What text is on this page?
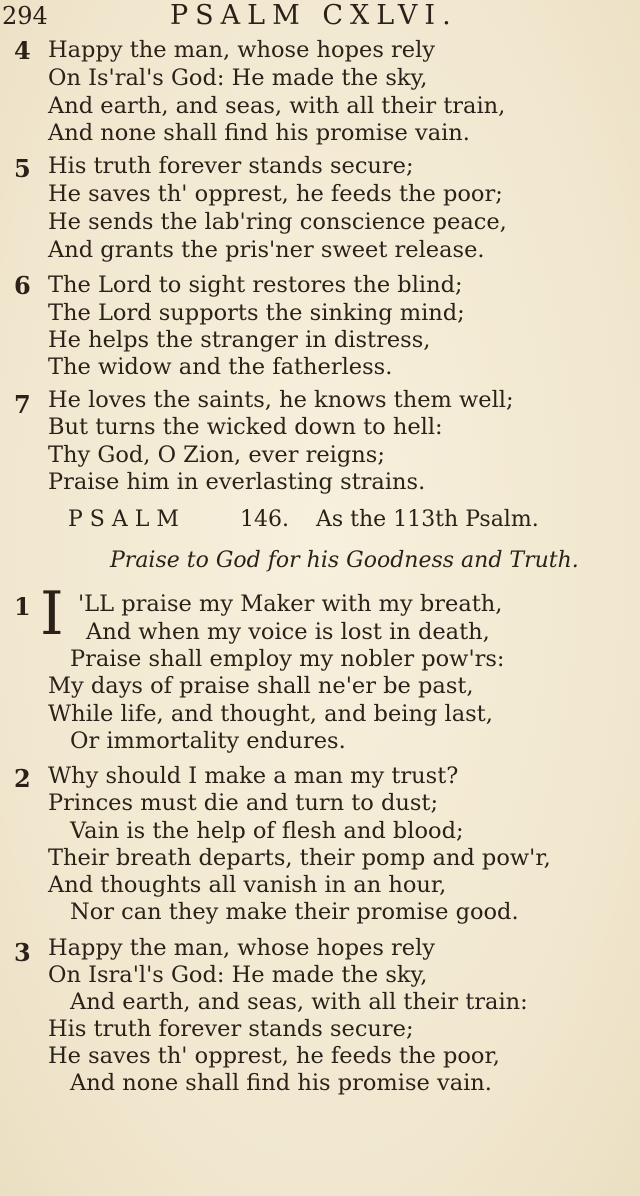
294	PSALM CXLVI.
4 Happy the man, whose hopes rely
On Is'ral's God: He made the sky,
And earth, and seas, with all their train,
And none shall find his promise vain.
5 His truth forever stands secure;
He saves th' opprest, he feeds the poor;
He sends the lab'ring conscience peace,
And grants the pris'ner sweet release.
6 The Lord to sight restores the blind;
The Lord supports the sinking mind;
He helps the stranger in distress,
The widow and the fatherless.
7 He loves the saints, he knows them well;
But turns the wicked down to hell:
Thy God, O Zion, ever reigns;
Praise him in everlasting strains.
PSALM 146. As the 113th Psalm.
Praise to God for his Goodness and Truth.
1 I 'LL praise my Maker with my breath,
And when my voice is lost in death,
Praise shall employ my nobler pow'rs:
My days of praise shall ne'er be past,
While life, and thought, and being last,
Or immortality endures.
2 Why should I make a man my trust?
Princes must die and turn to dust;
Vain is the help of flesh and blood;
Their breath departs, their pomp and pow'r,
And thoughts all vanish in an hour,
Nor can they make their promise good.
3 Happy the man, whose hopes rely
On Isra'l's God: He made the sky,
And earth, and seas, with all their train:
His truth forever stands secure;
He saves th' opprest, he feeds the poor,
And none shall find his promise vain.
